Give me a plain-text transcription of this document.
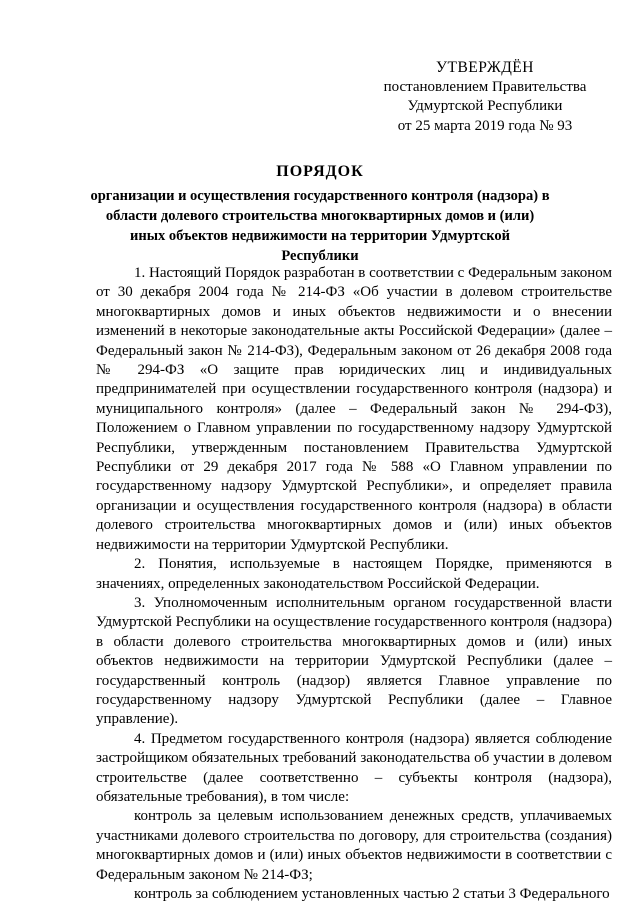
УТВЕРЖДЁН
постановлением Правительства
Удмуртской Республики
от 25 марта 2019 года № 93
ПОРЯДОК
организации и осуществления государственного контроля (надзора) в области долевого строительства многоквартирных домов и (или) иных объектов недвижимости на территории Удмуртской Республики

1. Настоящий Порядок разработан в соответствии с Федеральным законом от 30 декабря 2004 года № 214-ФЗ «Об участии в долевом строительстве многоквартирных домов и иных объектов недвижимости и о внесении изменений в некоторые законодательные акты Российской Федерации» (далее – Федеральный закон № 214-ФЗ), Федеральным законом от 26 декабря 2008 года № 294-ФЗ «О защите прав юридических лиц и индивидуальных предпринимателей при осуществлении государственного контроля (надзора) и муниципального контроля» (далее – Федеральный закон № 294-ФЗ), Положением о Главном управлении по государственному надзору Удмуртской Республики, утвержденным постановлением Правительства Удмуртской Республики от 29 декабря 2017 года № 588 «О Главном управлении по государственному надзору Удмуртской Республики», и определяет правила организации и осуществления государственного контроля (надзора) в области долевого строительства многоквартирных домов и (или) иных объектов недвижимости на территории Удмуртской Республики.

2. Понятия, используемые в настоящем Порядке, применяются в значениях, определенных законодательством Российской Федерации.

3. Уполномоченным исполнительным органом государственной власти Удмуртской Республики на осуществление государственного контроля (надзора) в области долевого строительства многоквартирных домов и (или) иных объектов недвижимости на территории Удмуртской Республики (далее – государственный контроль (надзор) является Главное управление по государственному надзору Удмуртской Республики (далее – Главное управление).

4. Предметом государственного контроля (надзора) является соблюдение застройщиком обязательных требований законодательства об участии в долевом строительстве (далее соответственно – субъекты контроля (надзора), обязательные требования), в том числе:

контроль за целевым использованием денежных средств, уплачиваемых участниками долевого строительства по договору, для строительства (создания) многоквартирных домов и (или) иных объектов недвижимости в соответствии с Федеральным законом № 214-ФЗ;

контроль за соблюдением установленных частью 2 статьи 3 Федерального
